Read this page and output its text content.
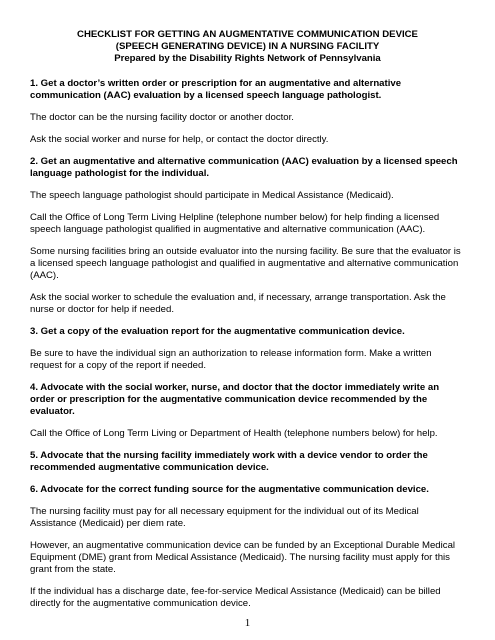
CHECKLIST FOR GETTING AN AUGMENTATIVE COMMUNICATION DEVICE
(SPEECH GENERATING DEVICE) IN A NURSING FACILITY
Prepared by the Disability Rights Network of Pennsylvania

1. Get a doctor’s written order or prescription for an augmentative and alternative communication (AAC) evaluation by a licensed speech language pathologist.

The doctor can be the nursing facility doctor or another doctor.

Ask the social worker and nurse for help, or contact the doctor directly.

2. Get an augmentative and alternative communication (AAC) evaluation by a licensed speech language pathologist for the individual.

The speech language pathologist should participate in Medical Assistance (Medicaid).

Call the Office of Long Term Living Helpline (telephone number below) for help finding a licensed speech language pathologist qualified in augmentative and alternative communication (AAC).

Some nursing facilities bring an outside evaluator into the nursing facility. Be sure that the evaluator is a licensed speech language pathologist and qualified in augmentative and alternative communication (AAC).

Ask the social worker to schedule the evaluation and, if necessary, arrange transportation. Ask the nurse or doctor for help if needed.

3. Get a copy of the evaluation report for the augmentative communication device.

Be sure to have the individual sign an authorization to release information form. Make a written request for a copy of the report if needed.

4. Advocate with the social worker, nurse, and doctor that the doctor immediately write an order or prescription for the augmentative communication device recommended by the evaluator.

Call the Office of Long Term Living or Department of Health (telephone numbers below) for help.

5. Advocate that the nursing facility immediately work with a device vendor to order the recommended augmentative communication device.

6. Advocate for the correct funding source for the augmentative communication device.

The nursing facility must pay for all necessary equipment for the individual out of its Medical Assistance (Medicaid) per diem rate.

However, an augmentative communication device can be funded by an Exceptional Durable Medical Equipment (DME) grant from Medical Assistance (Medicaid). The nursing facility must apply for this grant from the state.

If the individual has a discharge date, fee-for-service Medical Assistance (Medicaid) can be billed directly for the augmentative communication device.

1
